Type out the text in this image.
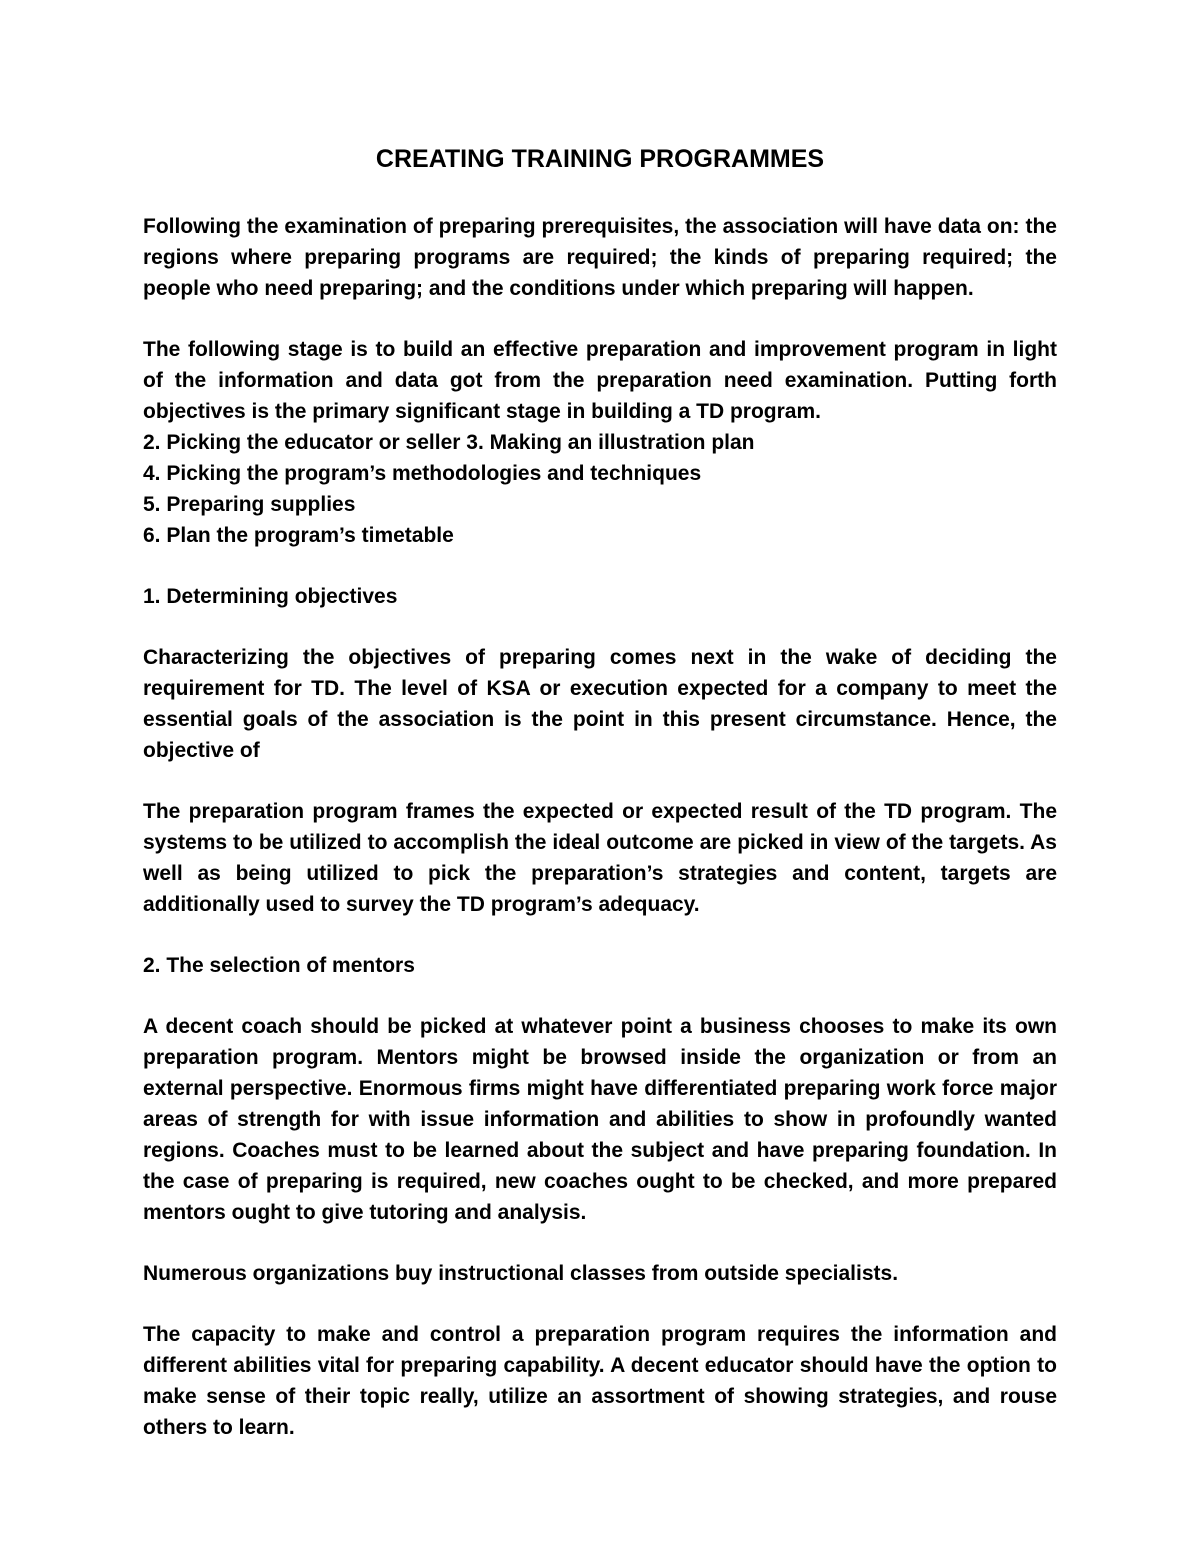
CREATING TRAINING PROGRAMMES

Following the examination of preparing prerequisites, the association will have data on: the regions where preparing programs are required; the kinds of preparing required; the people who need preparing; and the conditions under which preparing will happen.

The following stage is to build an effective preparation and improvement program in light of the information and data got from the preparation need examination. Putting forth objectives is the primary significant stage in building a TD program.

2. Picking the educator or seller 3. Making an illustration plan
4. Picking the program’s methodologies and techniques
5. Preparing supplies
6. Plan the program’s timetable

1. Determining objectives

Characterizing the objectives of preparing comes next in the wake of deciding the requirement for TD. The level of KSA or execution expected for a company to meet the essential goals of the association is the point in this present circumstance. Hence, the objective of

The preparation program frames the expected or expected result of the TD program. The systems to be utilized to accomplish the ideal outcome are picked in view of the targets. As well as being utilized to pick the preparation’s strategies and content, targets are additionally used to survey the TD program’s adequacy.

2. The selection of mentors

A decent coach should be picked at whatever point a business chooses to make its own preparation program. Mentors might be browsed inside the organization or from an external perspective. Enormous firms might have differentiated preparing work force major areas of strength for with issue information and abilities to show in profoundly wanted regions. Coaches must to be learned about the subject and have preparing foundation. In the case of preparing is required, new coaches ought to be checked, and more prepared mentors ought to give tutoring and analysis.

Numerous organizations buy instructional classes from outside specialists.

The capacity to make and control a preparation program requires the information and different abilities vital for preparing capability. A decent educator should have the option to make sense of their topic really, utilize an assortment of showing strategies, and rouse others to learn.
